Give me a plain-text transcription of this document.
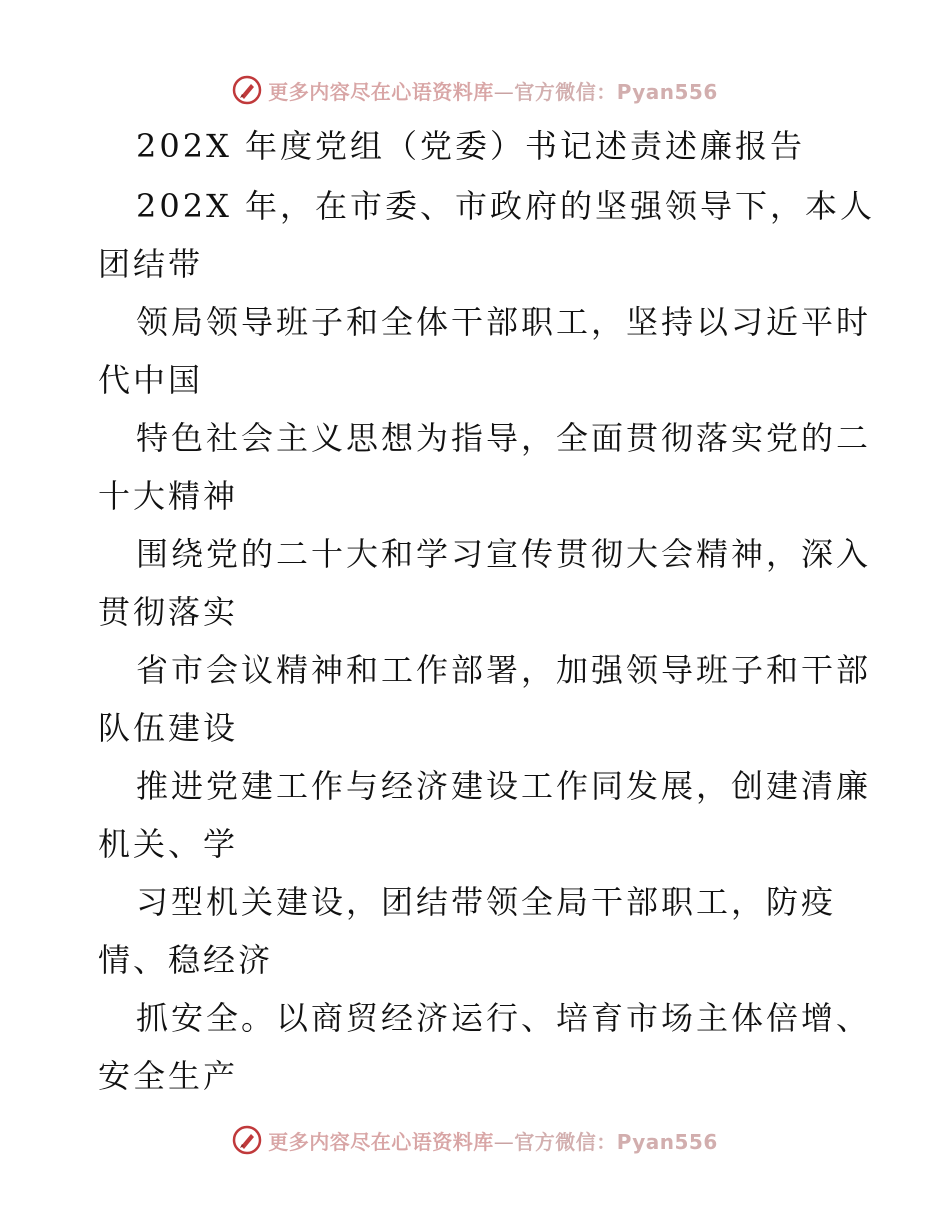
更多内容尽在心语资料库—官方微信：Pyan556
202X 年度党组（党委）书记述责述廉报告
202X 年，在市委、市政府的坚强领导下，本人
团结带
领局领导班子和全体干部职工，坚持以习近平时
代中国
特色社会主义思想为指导，全面贯彻落实党的二
十大精神
围绕党的二十大和学习宣传贯彻大会精神，深入
贯彻落实
省市会议精神和工作部署，加强领导班子和干部
队伍建设
推进党建工作与经济建设工作同发展，创建清廉
机关、学
习型机关建设，团结带领全局干部职工，防疫
情、稳经济
抓安全。以商贸经济运行、培育市场主体倍增、
安全生产
更多内容尽在心语资料库—官方微信：Pyan556
